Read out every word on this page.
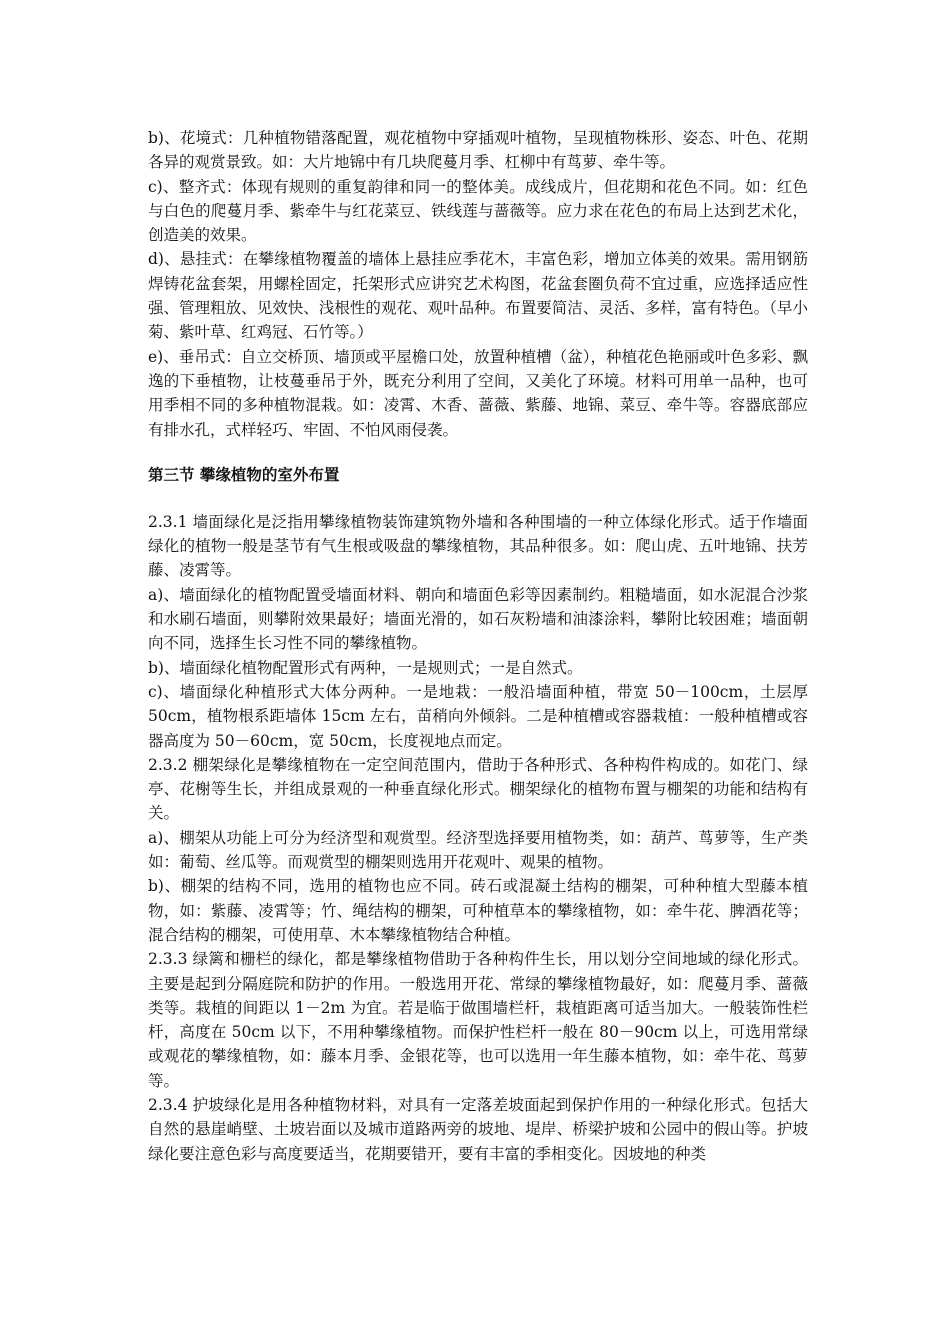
b)、花境式：几种植物错落配置，观花植物中穿插观叶植物，呈现植物株形、姿态、叶色、花期各异的观赏景致。如：大片地锦中有几块爬蔓月季、杠柳中有茑萝、牵牛等。

c)、整齐式：体现有规则的重复韵律和同一的整体美。成线成片，但花期和花色不同。如：红色与白色的爬蔓月季、紫牵牛与红花菜豆、铁线莲与蔷薇等。应力求在花色的布局上达到艺术化，创造美的效果。

d)、悬挂式：在攀缘植物覆盖的墙体上悬挂应季花木，丰富色彩，增加立体美的效果。需用钢筋焊铸花盆套架，用螺栓固定，托架形式应讲究艺术构图，花盆套圈负荷不宜过重，应选择适应性强、管理粗放、见效快、浅根性的观花、观叶品种。布置要简洁、灵活、多样，富有特色。（早小菊、紫叶草、红鸡冠、石竹等。）

e)、垂吊式：自立交桥顶、墙顶或平屋檐口处，放置种植槽（盆），种植花色艳丽或叶色多彩、飘逸的下垂植物，让枝蔓垂吊于外，既充分利用了空间，又美化了环境。材料可用单一品种，也可用季相不同的多种植物混栽。如：凌霄、木香、蔷薇、紫藤、地锦、菜豆、牵牛等。容器底部应有排水孔，式样轻巧、牢固、不怕风雨侵袭。

第三节 攀缘植物的室外布置

2.3.1 墙面绿化是泛指用攀缘植物装饰建筑物外墙和各种围墙的一种立体绿化形式。适于作墙面绿化的植物一般是茎节有气生根或吸盘的攀缘植物，其品种很多。如：爬山虎、五叶地锦、扶芳藤、凌霄等。

a)、墙面绿化的植物配置受墙面材料、朝向和墙面色彩等因素制约。粗糙墙面，如水泥混合沙浆和水刷石墙面，则攀附效果最好；墙面光滑的，如石灰粉墙和油漆涂料，攀附比较困难；墙面朝向不同，选择生长习性不同的攀缘植物。

b)、墙面绿化植物配置形式有两种，一是规则式；一是自然式。

c)、墙面绿化种植形式大体分两种。一是地栽：一般沿墙面种植，带宽 50－100cm，土层厚 50cm，植物根系距墙体 15cm 左右，苗稍向外倾斜。二是种植槽或容器栽植：一般种植槽或容器高度为 50－60cm，宽 50cm，长度视地点而定。

2.3.2 棚架绿化是攀缘植物在一定空间范围内，借助于各种形式、各种构件构成的。如花门、绿亭、花榭等生长，并组成景观的一种垂直绿化形式。棚架绿化的植物布置与棚架的功能和结构有关。

a)、棚架从功能上可分为经济型和观赏型。经济型选择要用植物类，如：葫芦、茑萝等，生产类如：葡萄、丝瓜等。而观赏型的棚架则选用开花观叶、观果的植物。

b)、棚架的结构不同，选用的植物也应不同。砖石或混凝土结构的棚架，可种种植大型藤本植物，如：紫藤、凌霄等；竹、绳结构的棚架，可种植草本的攀缘植物，如：牵牛花、脾酒花等；混合结构的棚架，可使用草、木本攀缘植物结合种植。

2.3.3 绿篱和栅栏的绿化，都是攀缘植物借助于各种构件生长，用以划分空间地域的绿化形式。主要是起到分隔庭院和防护的作用。一般选用开花、常绿的攀缘植物最好，如：爬蔓月季、蔷薇类等。栽植的间距以 1－2m 为宜。若是临于做围墙栏杆，栽植距离可适当加大。一般装饰性栏杆，高度在 50cm 以下，不用种攀缘植物。而保护性栏杆一般在 80－90cm 以上，可选用常绿或观花的攀缘植物，如：藤本月季、金银花等，也可以选用一年生藤本植物，如：牵牛花、茑萝等。

2.3.4 护坡绿化是用各种植物材料，对具有一定落差坡面起到保护作用的一种绿化形式。包括大自然的悬崖峭壁、土坡岩面以及城市道路两旁的坡地、堤岸、桥梁护坡和公园中的假山等。护坡绿化要注意色彩与高度要适当，花期要错开，要有丰富的季相变化。因坡地的种类
